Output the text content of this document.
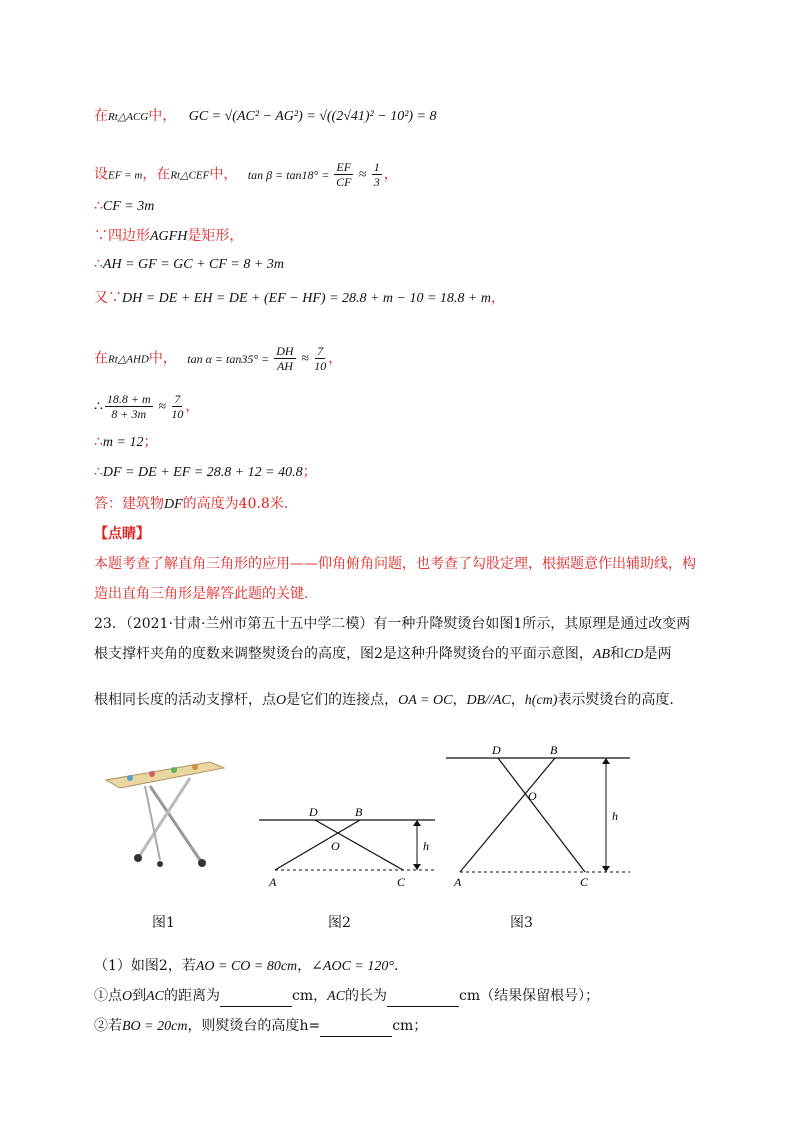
在Rt△ACG中， GC = √(AC² − AG²) = √((2√41)² − 10²) = 8
设EF = m，在Rt△CEF中， $\tan \beta = \tan 18^\circ = \frac{EF}{CF} \approx \frac{1}{3}$ ，
∴CF = 3m
∵四边形AGFH是矩形，
∴AH = GF = GC + CF = 8 + 3m
又∵DH = DE + EH = DE + (EF − HF) = 28.8 + m − 10 = 18.8 + m，
在Rt△AHD中， $\tan \alpha = \tan 35^\circ = \frac{DH}{AH} \approx \frac{7}{10}$ ，
∴ $\frac{18.8 + m}{8 + 3m} \approx \frac{7}{10}$ ，
∴m = 12；
∴DF = DE + EF = 28.8 + 12 = 40.8；
答：建筑物DF的高度为40.8米.
【点睛】
本题考查了解直角三角形的应用——仰角俯角问题，也考查了勾股定理，根据题意作出辅助线，构
造出直角三角形是解答此题的关键.
23．（2021·甘肃·兰州市第五十五中学二模）有一种升降熨烫台如图1所示，其原理是通过改变两
根支撑杆夹角的度数来调整熨烫台的高度，图2是这种升降熨烫台的平面示意图，AB和CD是两
根相同长度的活动支撑杆，点O是它们的连接点，OA = OC，DB//AC，h(cm)表示熨烫台的高度.
D	B
O
A	C
h
D	B
O
A	C
h
图1	图2	图3
（1）如图2，若AO = CO = 80cm，∠AOC = 120°.
①点O到AC的距离为	cm，AC的长为	cm（结果保留根号）；
②若BO = 20cm，则熨烫台的高度h=	cm；
